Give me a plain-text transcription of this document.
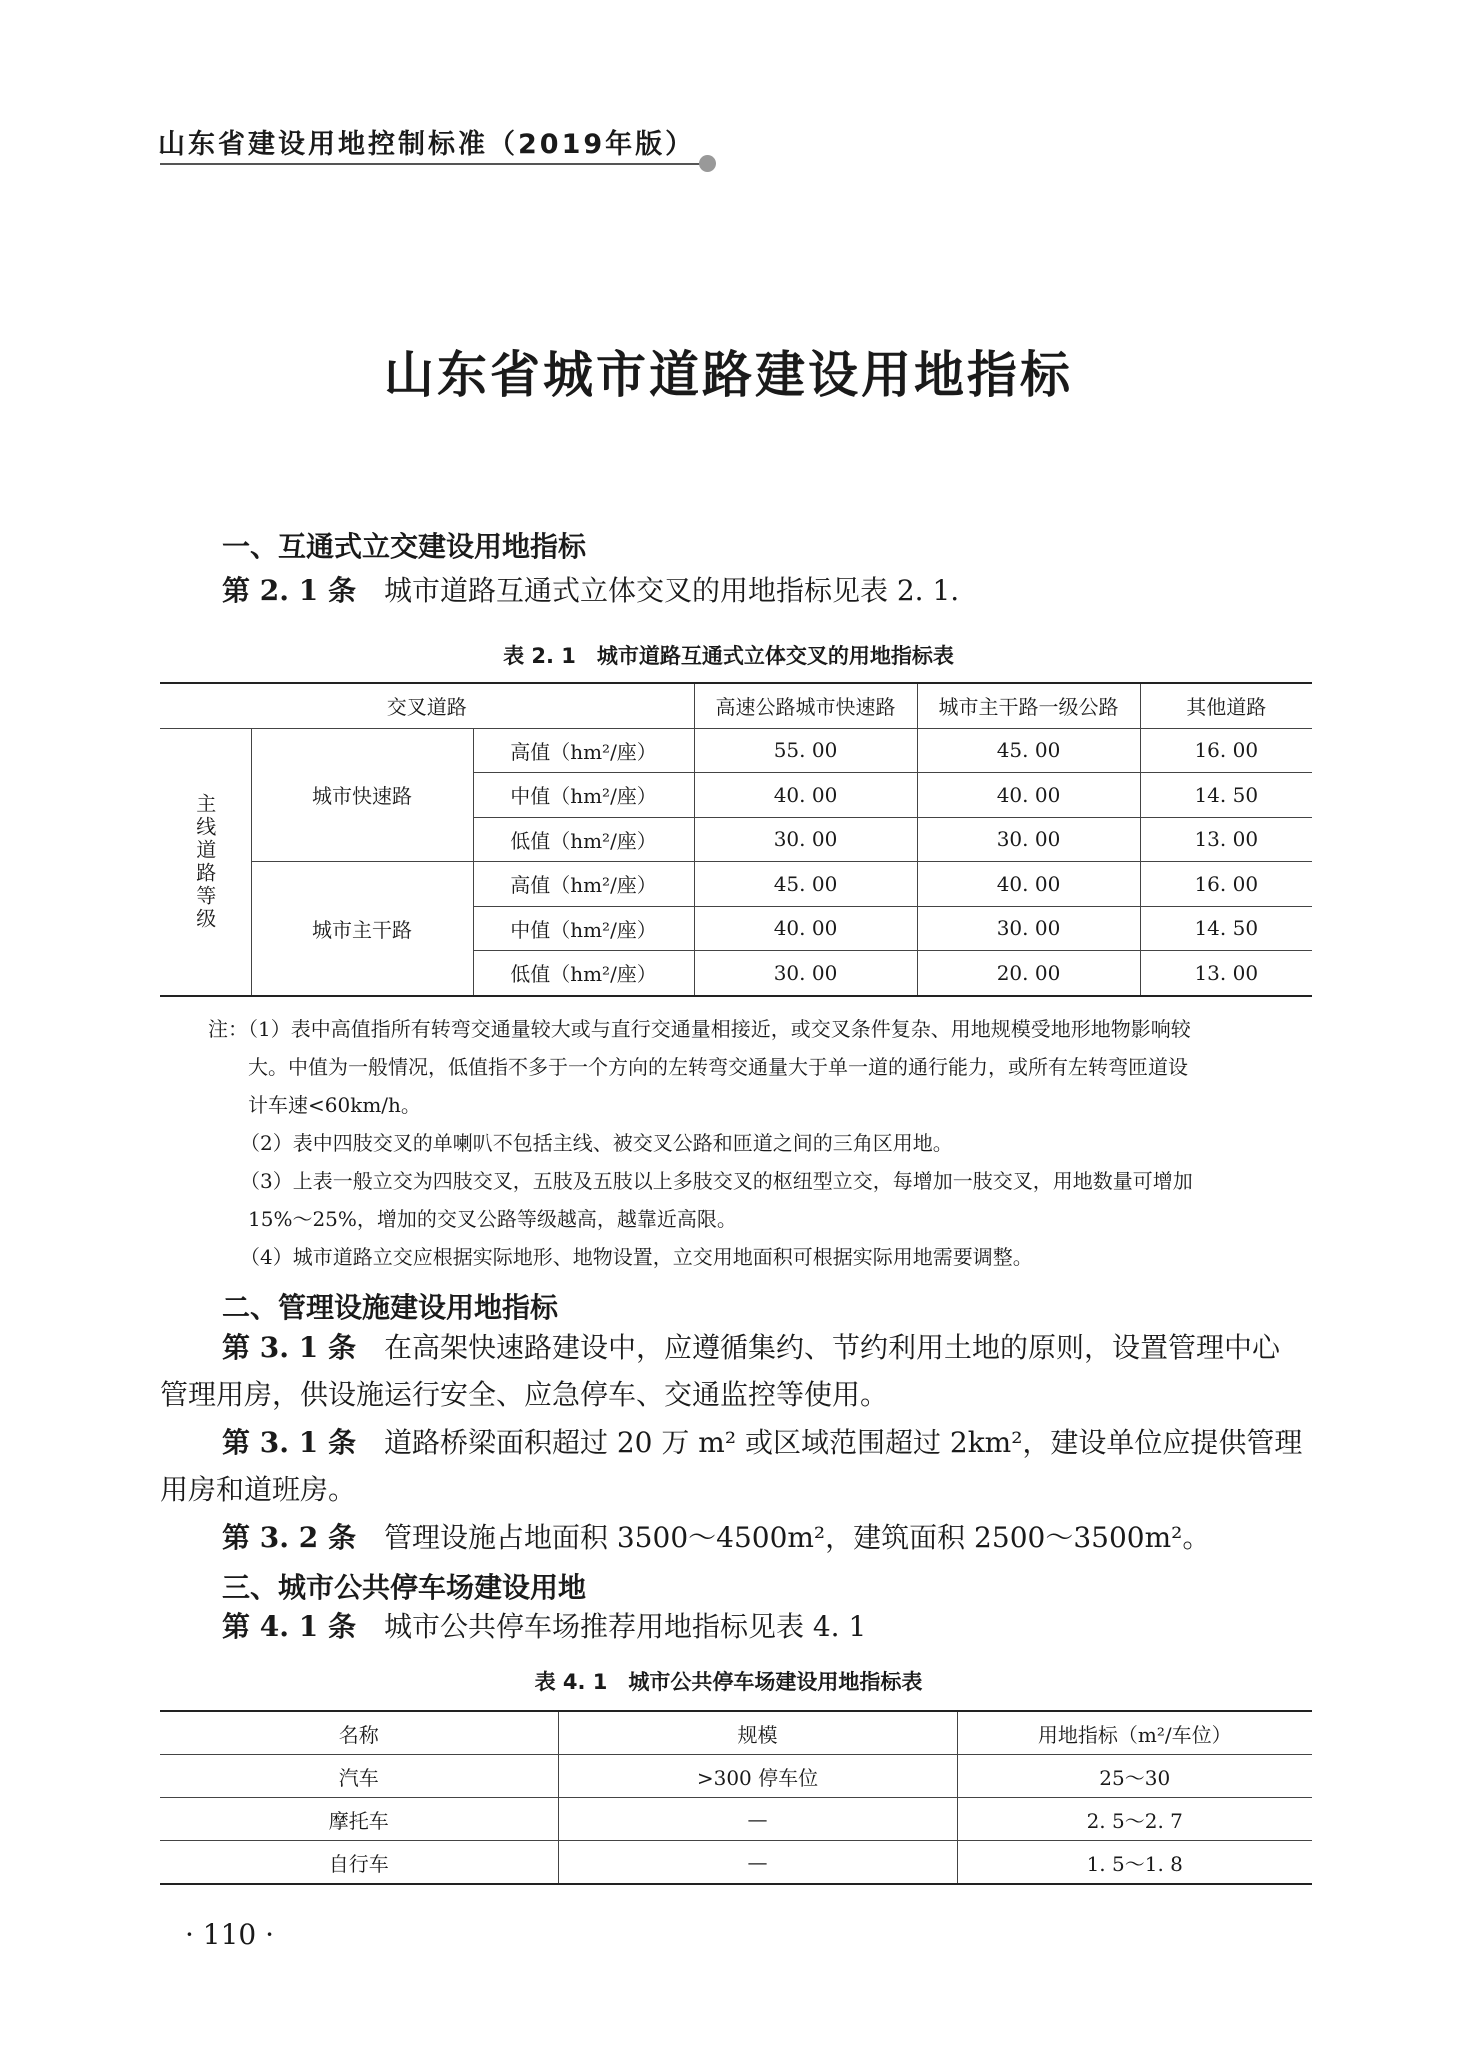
山东省建设用地控制标准（2019年版）
山东省城市道路建设用地指标
一、互通式立交建设用地指标
第 2. 1 条 城市道路互通式立体交叉的用地指标见表 2. 1.
表 2. 1　城市道路互通式立体交叉的用地指标表
交叉道路			高速公路城市快速路	城市主干路一级公路	其他道路

主线道路等级	城市快速路	高值（hm²/座）	55. 00	45. 00	16. 00
		中值（hm²/座）	40. 00	40. 00	14. 50
		低值（hm²/座）	30. 00	30. 00	13. 00
	城市主干路	高值（hm²/座）	45. 00	40. 00	16. 00
		中值（hm²/座）	40. 00	30. 00	14. 50
		低值（hm²/座）	30. 00	20. 00	13. 00
注：（1）表中高值指所有转弯交通量较大或与直行交通量相接近，或交叉条件复杂、用地规模受地形地物影响较
大。中值为一般情况，低值指不多于一个方向的左转弯交通量大于单一道的通行能力，或所有左转弯匝道设
计车速<60km/h。
（2）表中四肢交叉的单喇叭不包括主线、被交叉公路和匝道之间的三角区用地。
（3）上表一般立交为四肢交叉，五肢及五肢以上多肢交叉的枢纽型立交，每增加一肢交叉，用地数量可增加
15%～25%，增加的交叉公路等级越高，越靠近高限。
（4）城市道路立交应根据实际地形、地物设置，立交用地面积可根据实际用地需要调整。
二、管理设施建设用地指标
第 3. 1 条 在高架快速路建设中，应遵循集约、节约利用土地的原则，设置管理中心
管理用房，供设施运行安全、应急停车、交通监控等使用。
第 3. 1 条 道路桥梁面积超过 20 万 m² 或区域范围超过 2km²，建设单位应提供管理
用房和道班房。
第 3. 2 条 管理设施占地面积 3500～4500m²，建筑面积 2500～3500m²。
三、城市公共停车场建设用地
第 4. 1 条 城市公共停车场推荐用地指标见表 4. 1
表 4. 1　城市公共停车场建设用地指标表
名称	规模	用地指标（m²/车位）
汽车	>300 停车位	25～30
摩托车	—	2. 5～2. 7
自行车	—	1. 5～1. 8
· 110 ·
